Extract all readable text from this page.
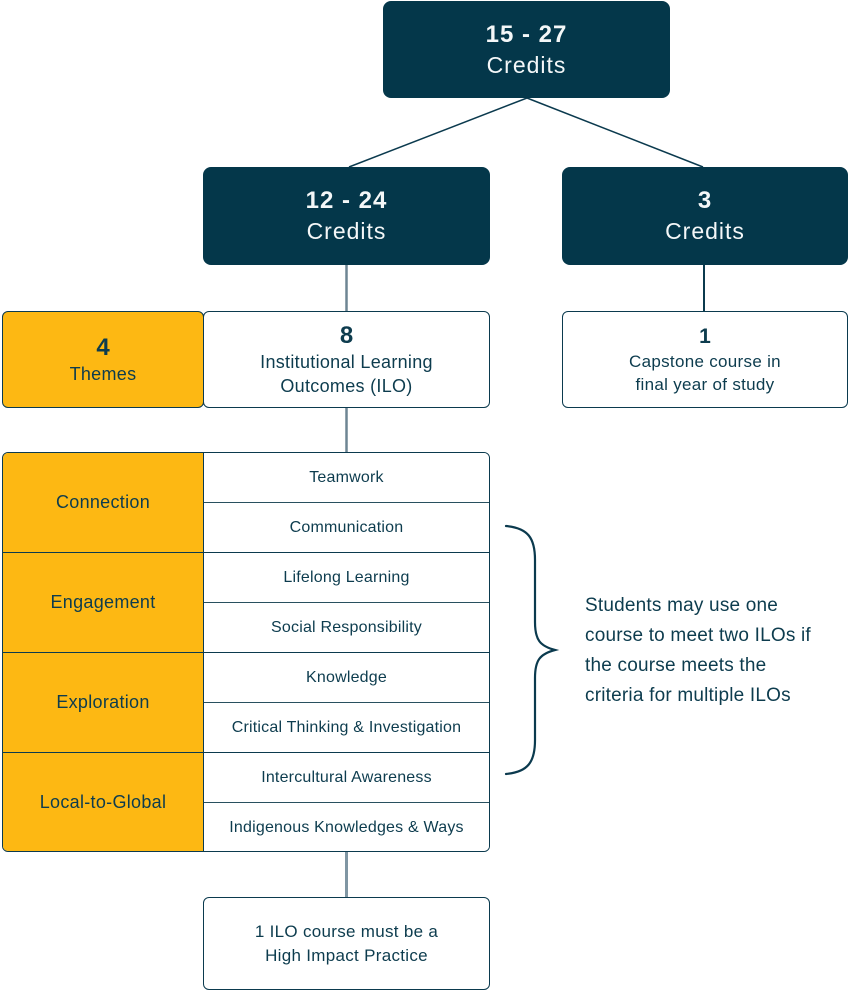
15 - 27
Credits
12 - 24
Credits
3
Credits
4
Themes
8
Institutional Learning
Outcomes (ILO)
1
Capstone course in
final year of study
Connection
Teamwork
Communication
Engagement
Lifelong Learning
Social Responsibility
Exploration
Knowledge
Critical Thinking & Investigation
Local-to-Global
Intercultural Awareness
Indigenous Knowledges & Ways
Students may use one
course to meet two ILOs if
the course meets the
criteria for multiple ILOs
1 ILO course must be a
High Impact Practice
